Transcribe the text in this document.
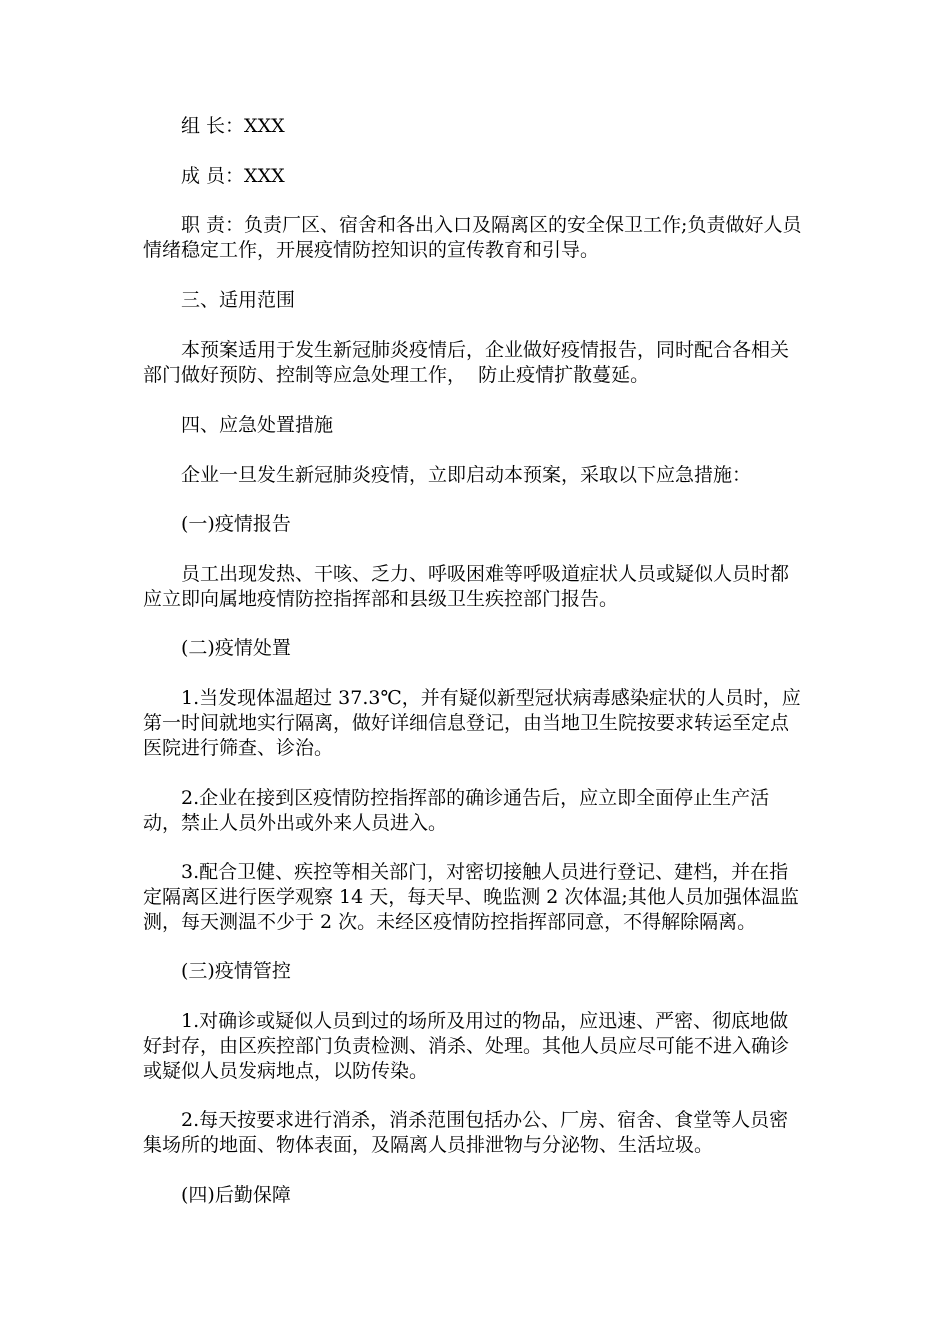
组 长：XXX

成 员：XXX

职 责：负责厂区、宿舍和各出入口及隔离区的安全保卫工作;负责做好人员情绪稳定工作，开展疫情防控知识的宣传教育和引导。

三、适用范围

本预案适用于发生新冠肺炎疫情后，企业做好疫情报告，同时配合各相关部门做好预防、控制等应急处理工作，  防止疫情扩散蔓延。

四、应急处置措施

企业一旦发生新冠肺炎疫情，立即启动本预案，采取以下应急措施：

(一)疫情报告

员工出现发热、干咳、乏力、呼吸困难等呼吸道症状人员或疑似人员时都应立即向属地疫情防控指挥部和县级卫生疾控部门报告。

(二)疫情处置

1.当发现体温超过 37.3℃，并有疑似新型冠状病毒感染症状的人员时，应第一时间就地实行隔离，做好详细信息登记，由当地卫生院按要求转运至定点医院进行筛查、诊治。

2.企业在接到区疫情防控指挥部的确诊通告后，应立即全面停止生产活动，禁止人员外出或外来人员进入。

3.配合卫健、疾控等相关部门，对密切接触人员进行登记、建档，并在指定隔离区进行医学观察 14 天，每天早、晚监测 2 次体温;其他人员加强体温监测，每天测温不少于 2 次。未经区疫情防控指挥部同意，不得解除隔离。

(三)疫情管控

1.对确诊或疑似人员到过的场所及用过的物品，应迅速、严密、彻底地做好封存，由区疾控部门负责检测、消杀、处理。其他人员应尽可能不进入确诊或疑似人员发病地点，以防传染。

2.每天按要求进行消杀，消杀范围包括办公、厂房、宿舍、食堂等人员密集场所的地面、物体表面，及隔离人员排泄物与分泌物、生活垃圾。

(四)后勤保障
